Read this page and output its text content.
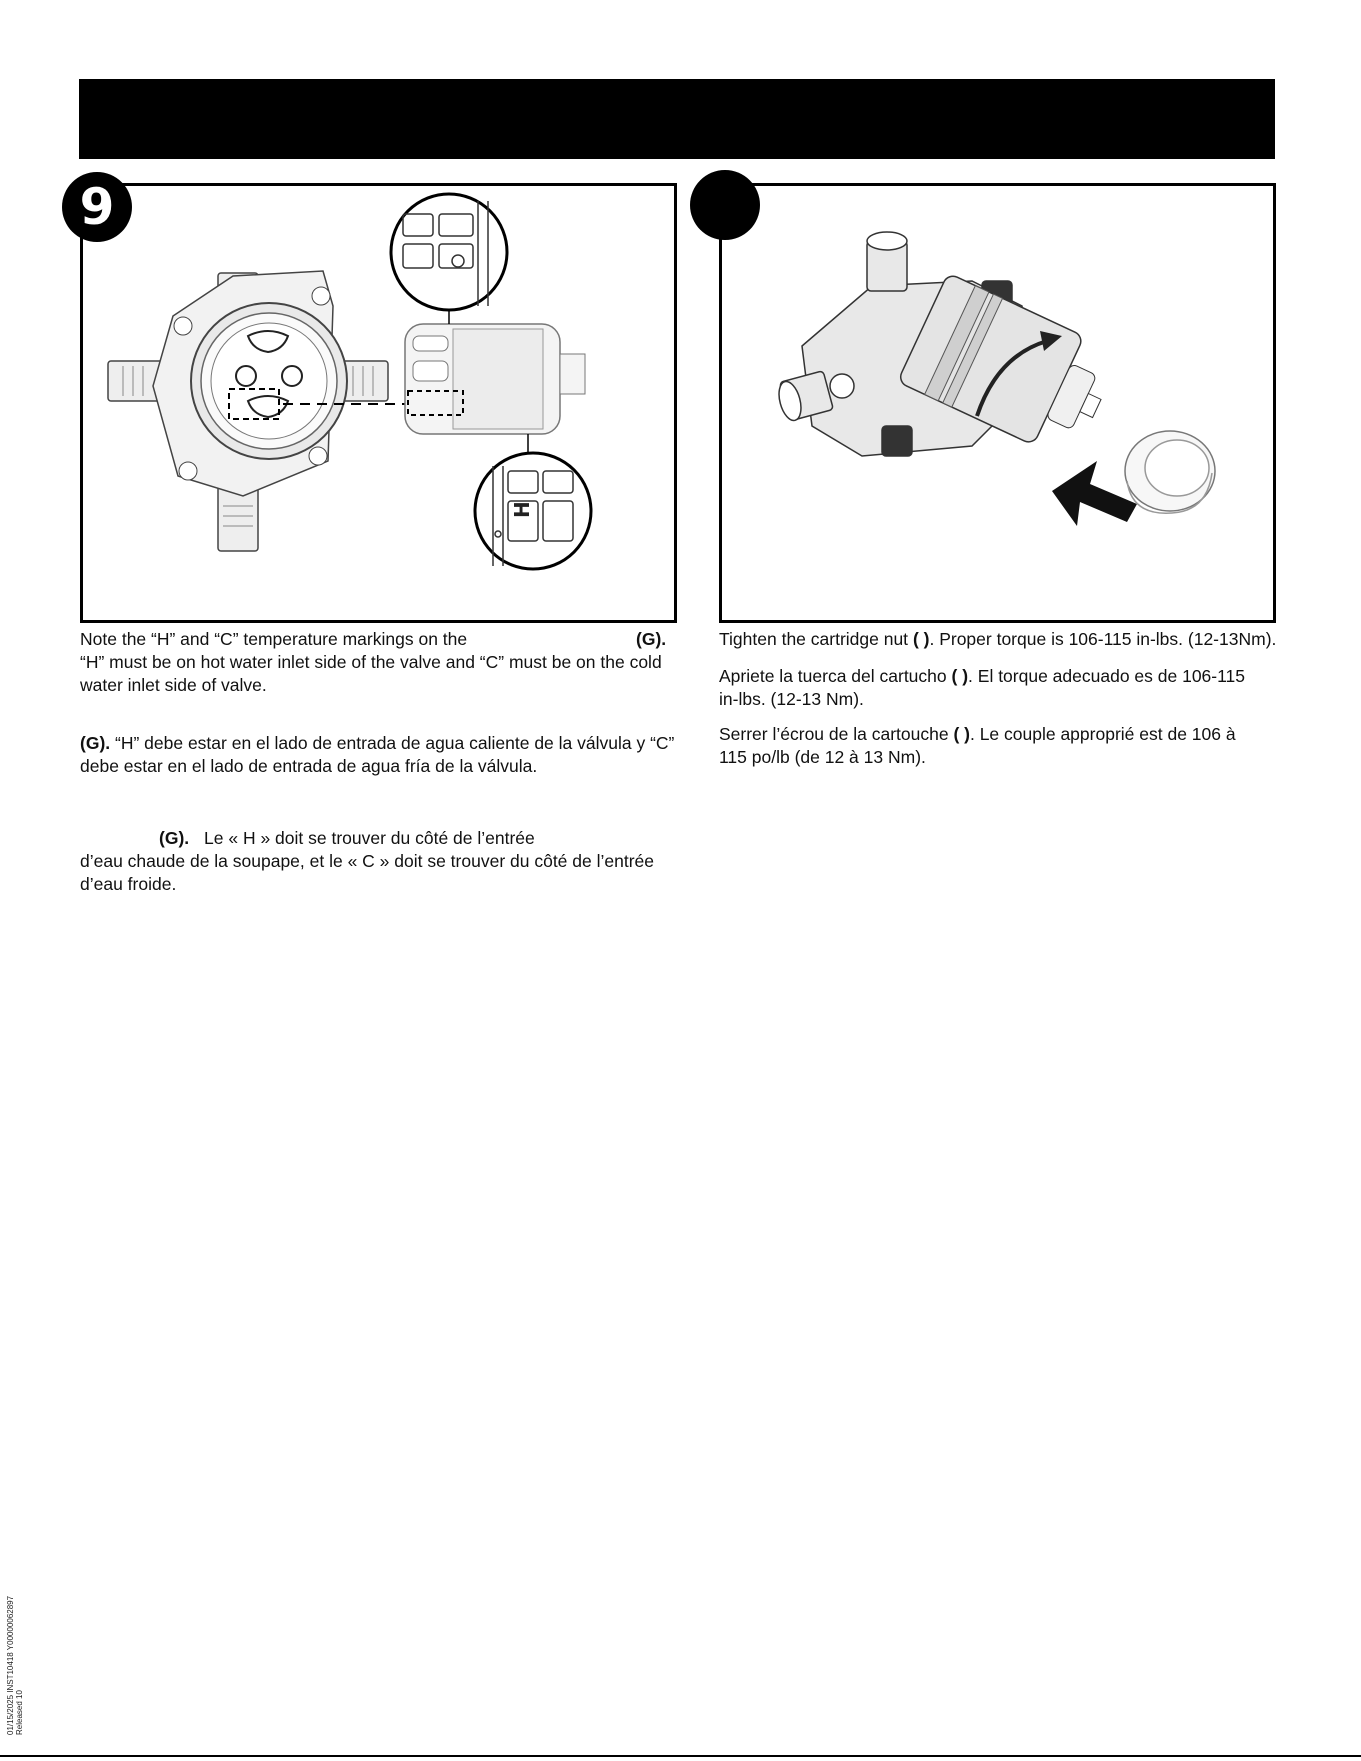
H
9
Note the “H” and “C” temperature markings on the	(G).
“H” must be on hot water inlet side of the valve and “C” must be on the cold
water inlet side of valve.
(G). “H” debe estar en el lado de entrada de agua caliente de la válvula y “C”
debe estar en el lado de entrada de agua fría de la válvula.
(G). Le « H » doit se trouver du côté de l’entrée
d’eau chaude de la soupape, et le « C » doit se trouver du côté de l’entrée
d’eau froide.
Tighten the cartridge nut ( ). Proper torque is 106-115 in-lbs. (12-13Nm).
Apriete la tuerca del cartucho ( ). El torque adecuado es de 106-115
in-lbs. (12-13 Nm).
Serrer l’écrou de la cartouche ( ). Le couple approprié est de 106 à
115 po/lb (de 12 à 13 Nm).
01/15/2025 INST10418 Y00000062897 Released 10
